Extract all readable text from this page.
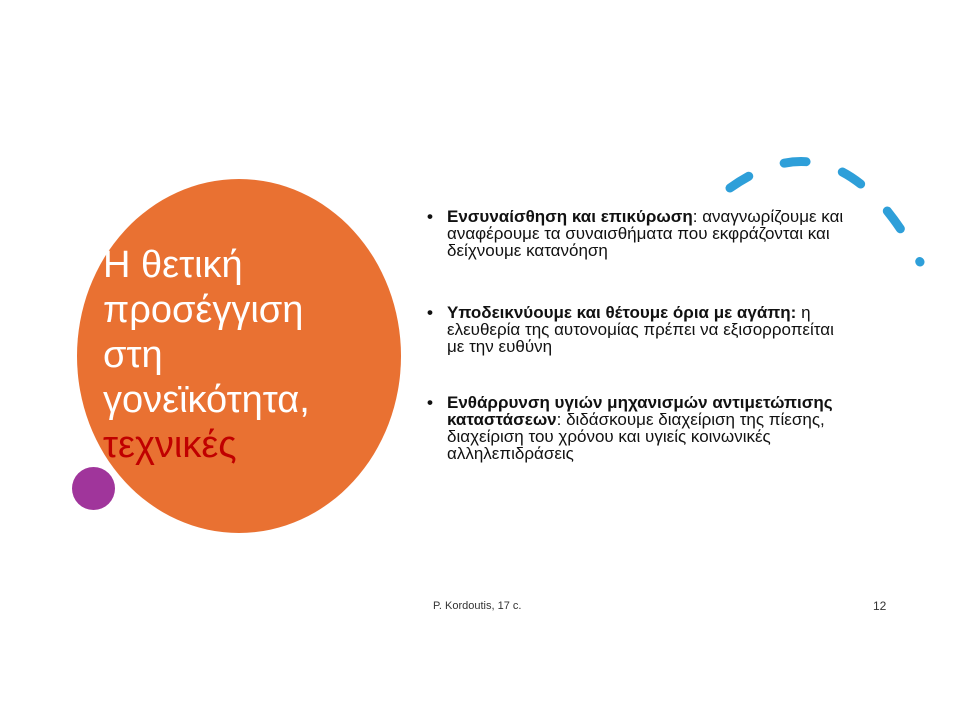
Η θετική
προσέγγιση
στη
γονεϊκότητα,
τεχνικές
• Ενσυναίσθηση και επικύρωση: αναγνωρίζουμε και αναφέρουμε τα συναισθήματα που εκφράζονται και δείχνουμε κατανόηση
• Υποδεικνύουμε και θέτουμε όρια με αγάπη: η ελευθερία της αυτονομίας πρέπει να εξισορροπείται με την ευθύνη
• Ενθάρρυνση υγιών μηχανισμών αντιμετώπισης καταστάσεων: διδάσκουμε διαχείριση της πίεσης, διαχείριση του χρόνου και υγιείς κοινωνικές αλληλεπιδράσεις
P. Kordoutis, 17 c.	12
